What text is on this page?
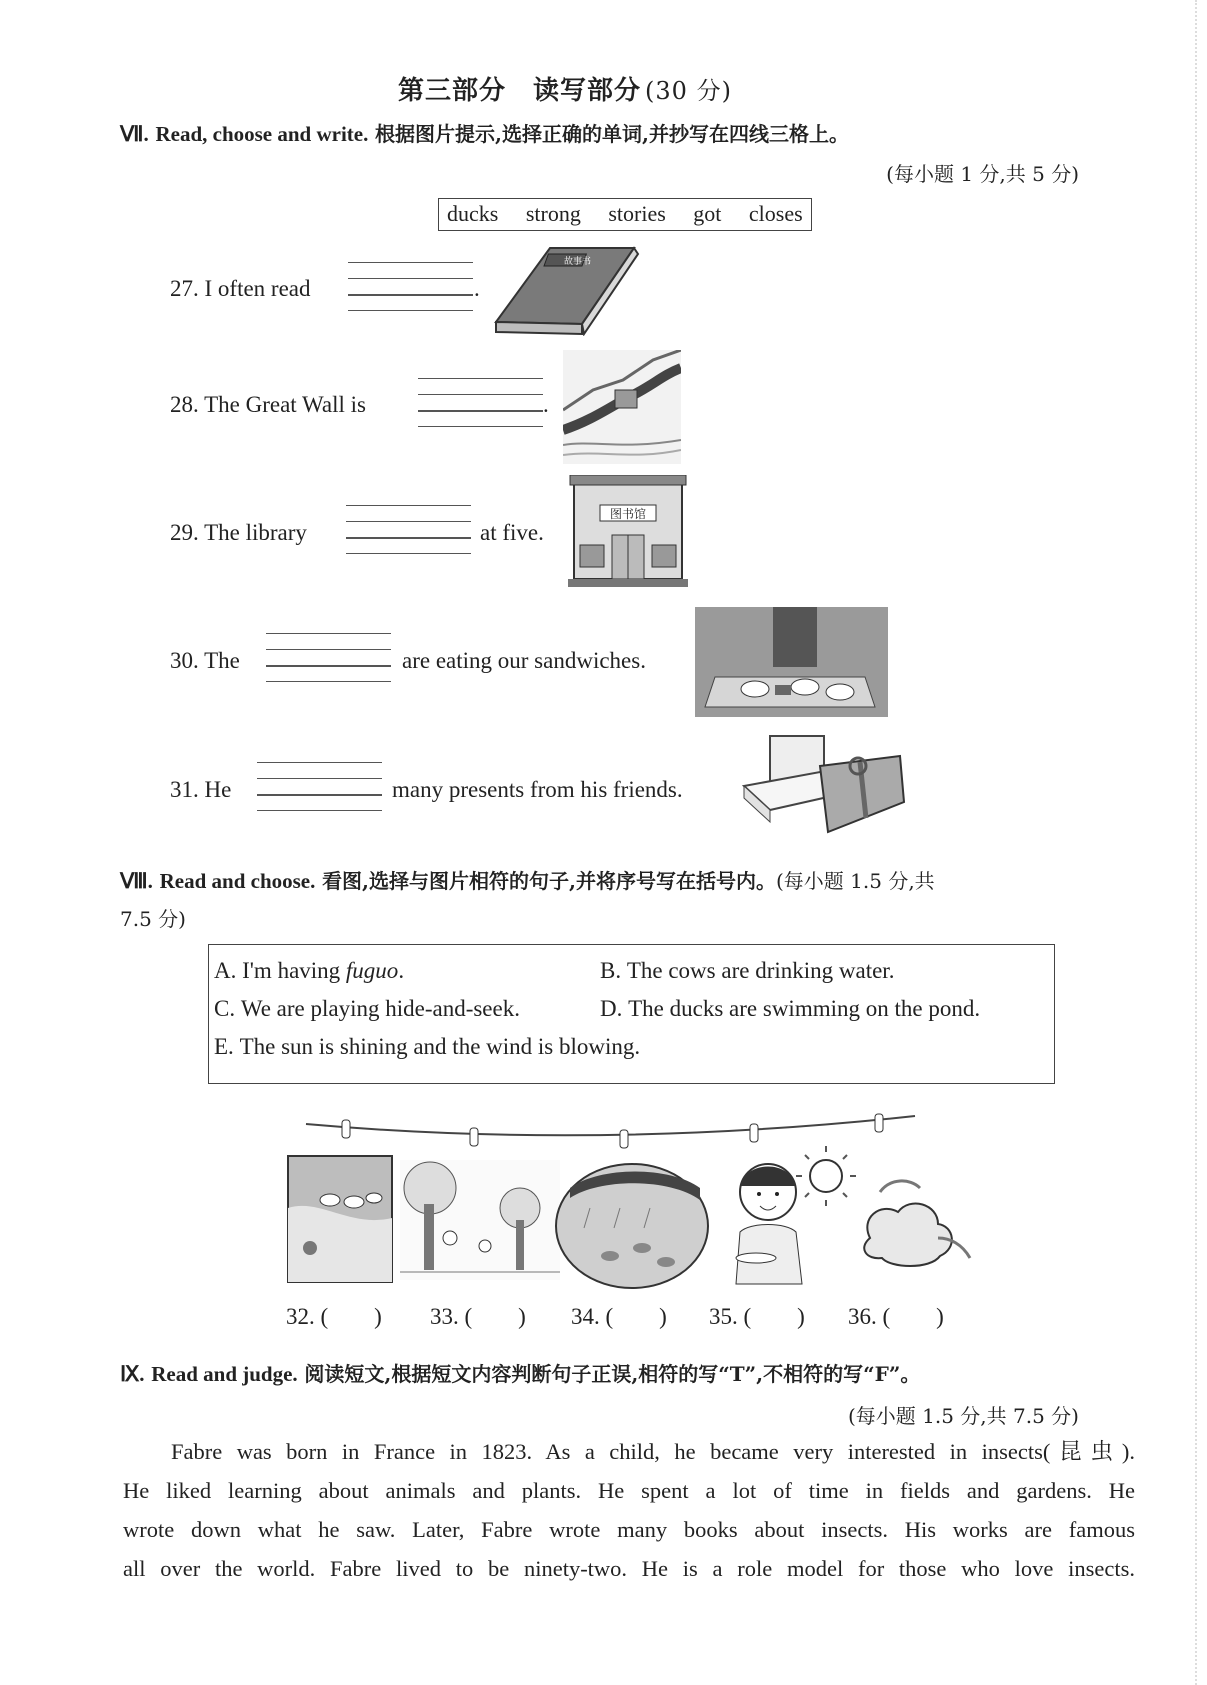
第三部分　读写部分 (30 分)
Ⅶ. Read, choose and write. 根据图片提示,选择正确的单词,并抄写在四线三格上。
(每小题 1 分,共 5 分)
ducks strong stories got closes
27. I often read	.
故事书
28. The Great Wall is	.
29. The library	at five.
图书馆
30. The	are eating our sandwiches.
31. He	many presents from his friends.
Ⅷ. Read and choose. 看图,选择与图片相符的句子,并将序号写在括号内。(每小题 1.5 分,共
7.5 分)
A. I'm having fuguo.	B. The cows are drinking water.
C. We are playing hide-and-seek.	D. The ducks are swimming on the pond.
E. The sun is shining and the wind is blowing.
32. (　　) 33. (　　) 34. (　　) 35. (　　) 36. (　　)
Ⅸ. Read and judge. 阅读短文,根据短文内容判断句子正误,相符的写“T”,不相符的写“F”。
(每小题 1.5 分,共 7.5 分)

Fabre was born in France in 1823. As a child, he became very interested in insects(昆虫).

He liked learning about animals and plants. He spent a lot of time in fields and gardens. He

wrote down what he saw. Later, Fabre wrote many books about insects. His works are famous

all over the world. Fabre lived to be ninety-two. He is a role model for those who love insects.
